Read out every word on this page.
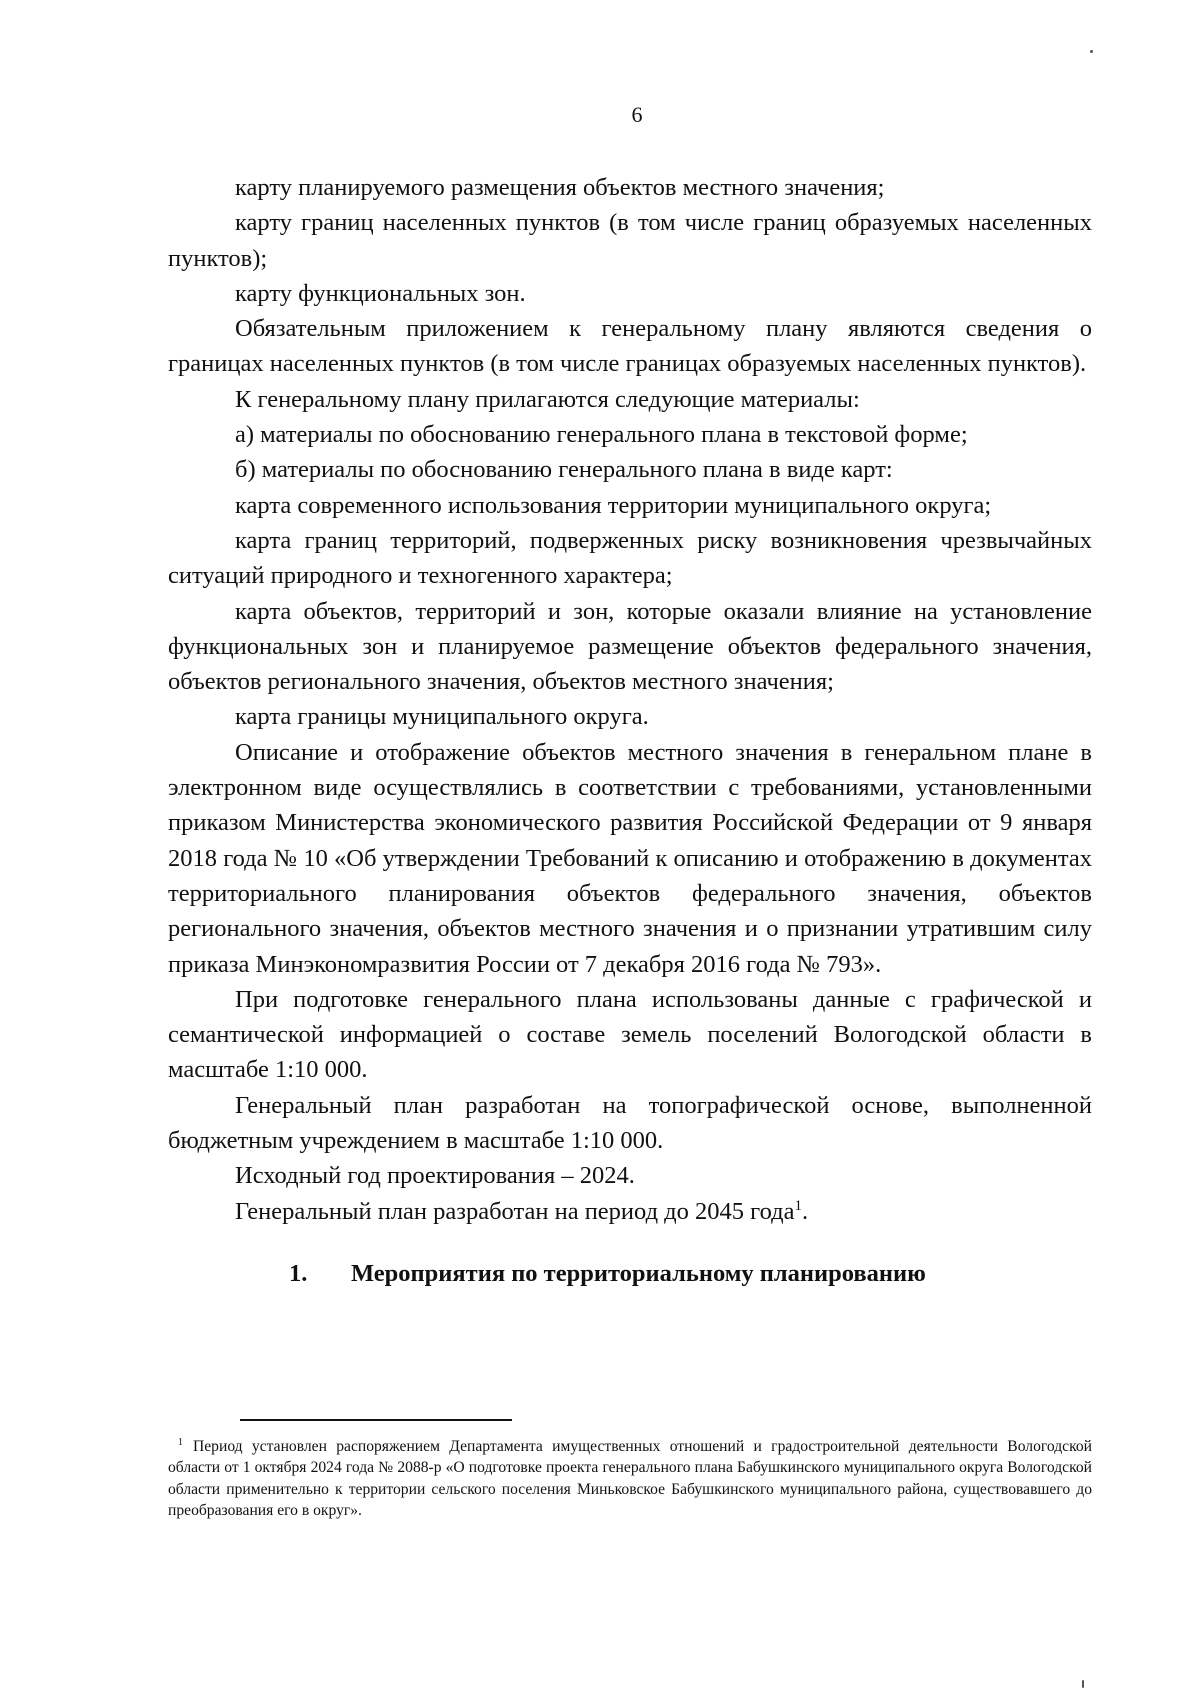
6

карту планируемого размещения объектов местного значения;

карту границ населенных пунктов (в том числе границ образуемых населенных пунктов);

карту функциональных зон.

Обязательным приложением к генеральному плану являются сведения о границах населенных пунктов (в том числе границах образуемых населенных пунктов).

К генеральному плану прилагаются следующие материалы:

а) материалы по обоснованию генерального плана в текстовой форме;

б) материалы по обоснованию генерального плана в виде карт:

карта современного использования территории муниципального округа;

карта границ территорий, подверженных риску возникновения чрезвычайных ситуаций природного и техногенного характера;

карта объектов, территорий и зон, которые оказали влияние на установление функциональных зон и планируемое размещение объектов федерального значения, объектов регионального значения, объектов местного значения;

карта границы муниципального округа.

Описание и отображение объектов местного значения в генеральном плане в электронном виде осуществлялись в соответствии с требованиями, установленными приказом Министерства экономического развития Российской Федерации от 9 января 2018 года № 10 «Об утверждении Требований к описанию и отображению в документах территориального планирования объектов федерального значения, объектов регионального значения, объектов местного значения и о признании утратившим силу приказа Минэкономразвития России от 7 декабря 2016 года № 793».

При подготовке генерального плана использованы данные с графической и семантической информацией о составе земель поселений Вологодской области в масштабе 1:10 000.

Генеральный план разработан на топографической основе, выполненной бюджетным учреждением в масштабе 1:10 000.

Исходный год проектирования – 2024.

Генеральный план разработан на период до 2045 года$^1$.

1.	Мероприятия по территориальному планированию

$^1$ Период установлен распоряжением Департамента имущественных отношений и градостроительной деятельности Вологодской области от 1 октября 2024 года № 2088-р «О подготовке проекта генерального плана Бабушкинского муниципального округа Вологодской области применительно к территории сельского поселения Миньковское Бабушкинского муниципального района, существовавшего до преобразования его в округ».
